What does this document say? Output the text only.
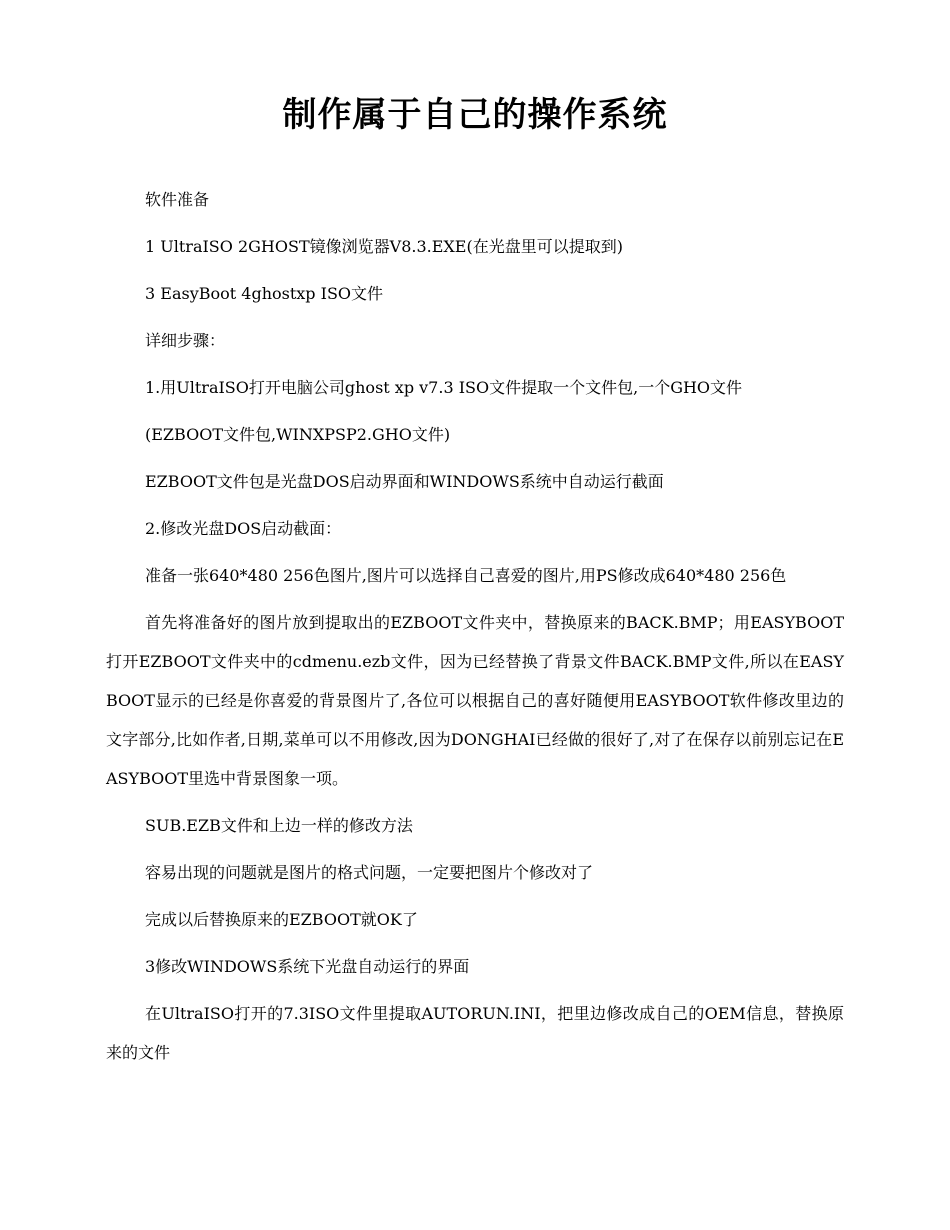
制作属于自己的操作系统

软件准备

1 UltraISO 2GHOST镜像浏览器V8.3.EXE(在光盘里可以提取到)

3 EasyBoot 4ghostxp ISO文件

详细步骤：

1.用UltraISO打开电脑公司ghost xp v7.3 ISO文件提取一个文件包,一个GHO文件

(EZBOOT文件包,WINXPSP2.GHO文件)

EZBOOT文件包是光盘DOS启动界面和WINDOWS系统中自动运行截面

2.修改光盘DOS启动截面：

准备一张640*480 256色图片,图片可以选择自己喜爱的图片,用PS修改成640*480 256色

首先将准备好的图片放到提取出的EZBOOT文件夹中，替换原来的BACK.BMP；用EASYBOOT打开EZBOOT文件夹中的cdmenu.ezb文件，因为已经替换了背景文件BACK.BMP文件,所以在EASYBOOT显示的已经是你喜爱的背景图片了,各位可以根据自己的喜好随便用EASYBOOT软件修改里边的文字部分,比如作者,日期,菜单可以不用修改,因为DONGHAI已经做的很好了,对了在保存以前别忘记在EASYBOOT里选中背景图象一项。

SUB.EZB文件和上边一样的修改方法

容易出现的问题就是图片的格式问题，一定要把图片个修改对了

完成以后替换原来的EZBOOT就OK了

3修改WINDOWS系统下光盘自动运行的界面

在UltraISO打开的7.3ISO文件里提取AUTORUN.INI，把里边修改成自己的OEM信息，替换原来的文件
